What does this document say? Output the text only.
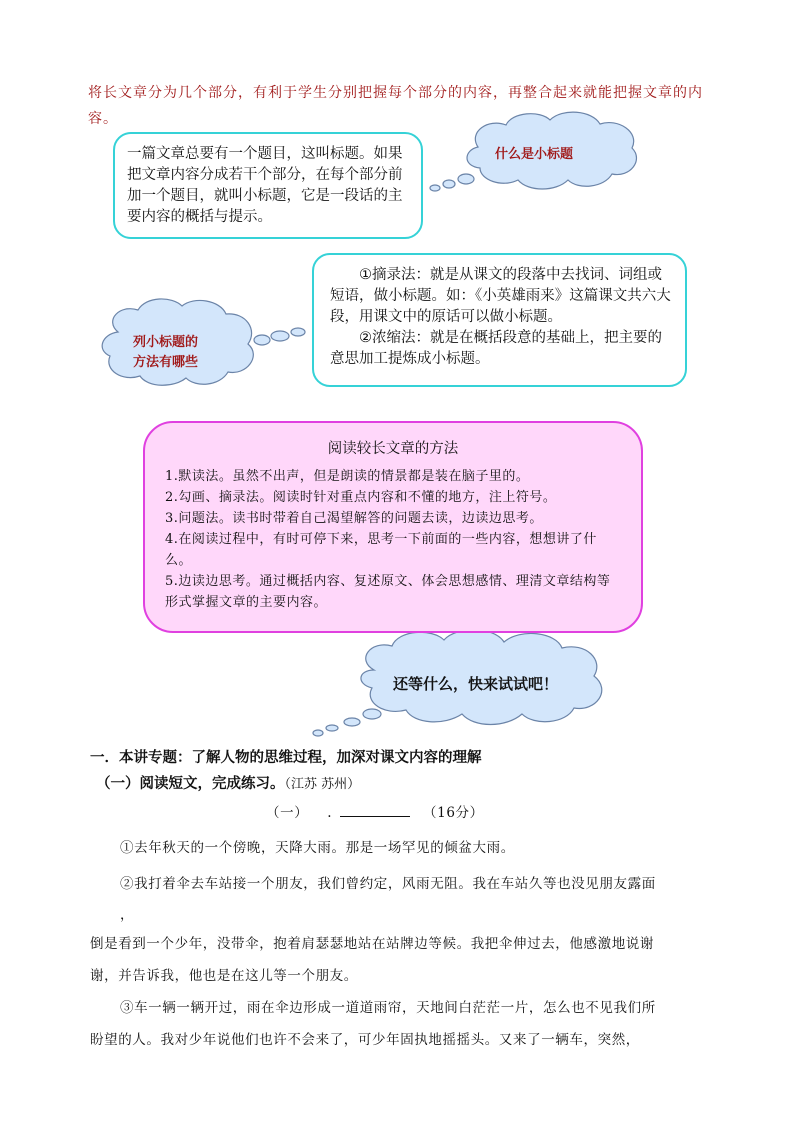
将长文章分为几个部分，有利于学生分别把握每个部分的内容，再整合起来就能把握文章的内容。
什么是小标题
列小标题的
方法有哪些
还等什么，快来试试吧！
一篇文章总要有一个题目，这叫标题。如果把文章内容分成若干个部分，在每个部分前加一个题目，就叫小标题，它是一段话的主要内容的概括与提示。

①摘录法：就是从课文的段落中去找词、词组或短语，做小标题。如：《小英雄雨来》这篇课文共六大段，用课文中的原话可以做小标题。

②浓缩法：就是在概括段意的基础上，把主要的意思加工提炼成小标题。

阅读较长文章的方法
1.默读法。虽然不出声，但是朗读的情景都是装在脑子里的。
2.勾画、摘录法。阅读时针对重点内容和不懂的地方，注上符号。
3.问题法。读书时带着自己渴望解答的问题去读，边读边思考。
4.在阅读过程中，有时可停下来，思考一下前面的一些内容，想想讲了什么。
5.边读边思考。通过概括内容、复述原文、体会思想感情、理清文章结构等形式掌握文章的主要内容。
一．本讲专题：了解人物的思维过程，加深对课文内容的理解
（一）阅读短文，完成练习。（江苏 苏州）
（一） .	（16分）
①去年秋天的一个傍晚，天降大雨。那是一场罕见的倾盆大雨。
②我打着伞去车站接一个朋友，我们曾约定，风雨无阻。我在车站久等也没见朋友露面
，
倒是看到一个少年，没带伞，抱着肩瑟瑟地站在站牌边等候。我把伞伸过去，他感激地说谢
谢，并告诉我，他也是在这儿等一个朋友。
③车一辆一辆开过，雨在伞边形成一道道雨帘，天地间白茫茫一片，怎么也不见我们所
盼望的人。我对少年说他们也许不会来了，可少年固执地摇摇头。又来了一辆车，突然，
